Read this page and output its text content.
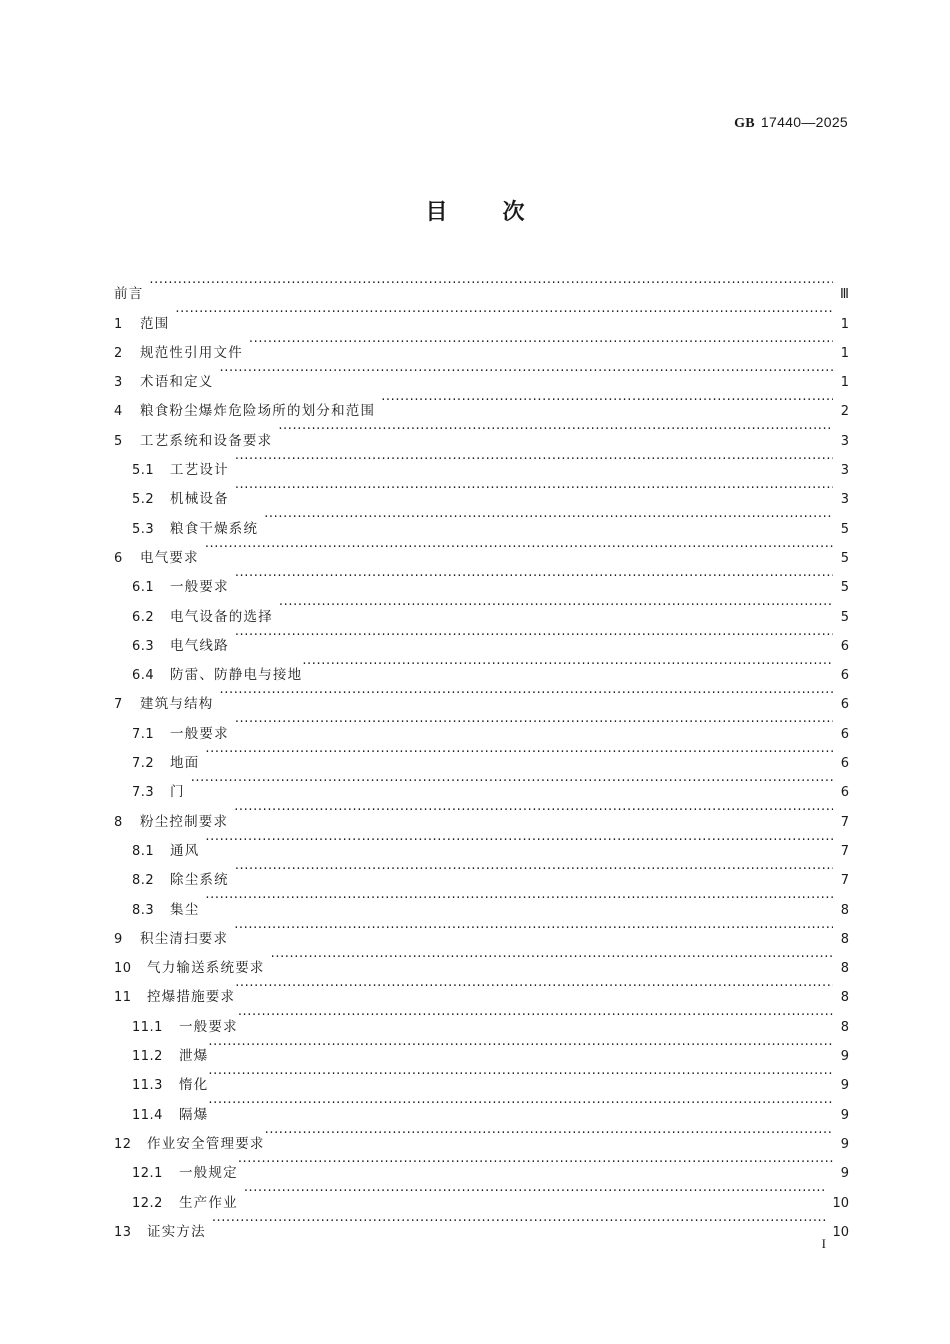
GB 17440—2025
目次
前言 ·····	Ⅲ
1	范围 ·····	1
2	规范性引用文件 ·····	1
3	术语和定义 ·····	1
4	粮食粉尘爆炸危险场所的划分和范围 ·····	2
5	工艺系统和设备要求 ·····	3
5.1	工艺设计 ·····	3
5.2	机械设备 ·····	3
5.3	粮食干燥系统 ·····	5
6	电气要求 ·····	5
6.1	一般要求 ·····	5
6.2	电气设备的选择 ·····	5
6.3	电气线路 ·····	6
6.4	防雷、防静电与接地 ·····	6
7	建筑与结构 ·····	6
7.1	一般要求 ·····	6
7.2	地面 ·····	6
7.3	门 ·····	6
8	粉尘控制要求 ·····	7
8.1	通风 ·····	7
8.2	除尘系统 ·····	7
8.3	集尘 ·····	8
9	积尘清扫要求 ·····	8
10	气力输送系统要求 ·····	8
11	控爆措施要求 ·····	8
11.1	一般要求 ·····	8
11.2	泄爆 ·····	9
11.3	惰化 ·····	9
11.4	隔爆 ·····	9
12	作业安全管理要求 ·····	9
12.1	一般规定 ·····	9
12.2	生产作业 ·····	10
13	证实方法 ·····	10
I
